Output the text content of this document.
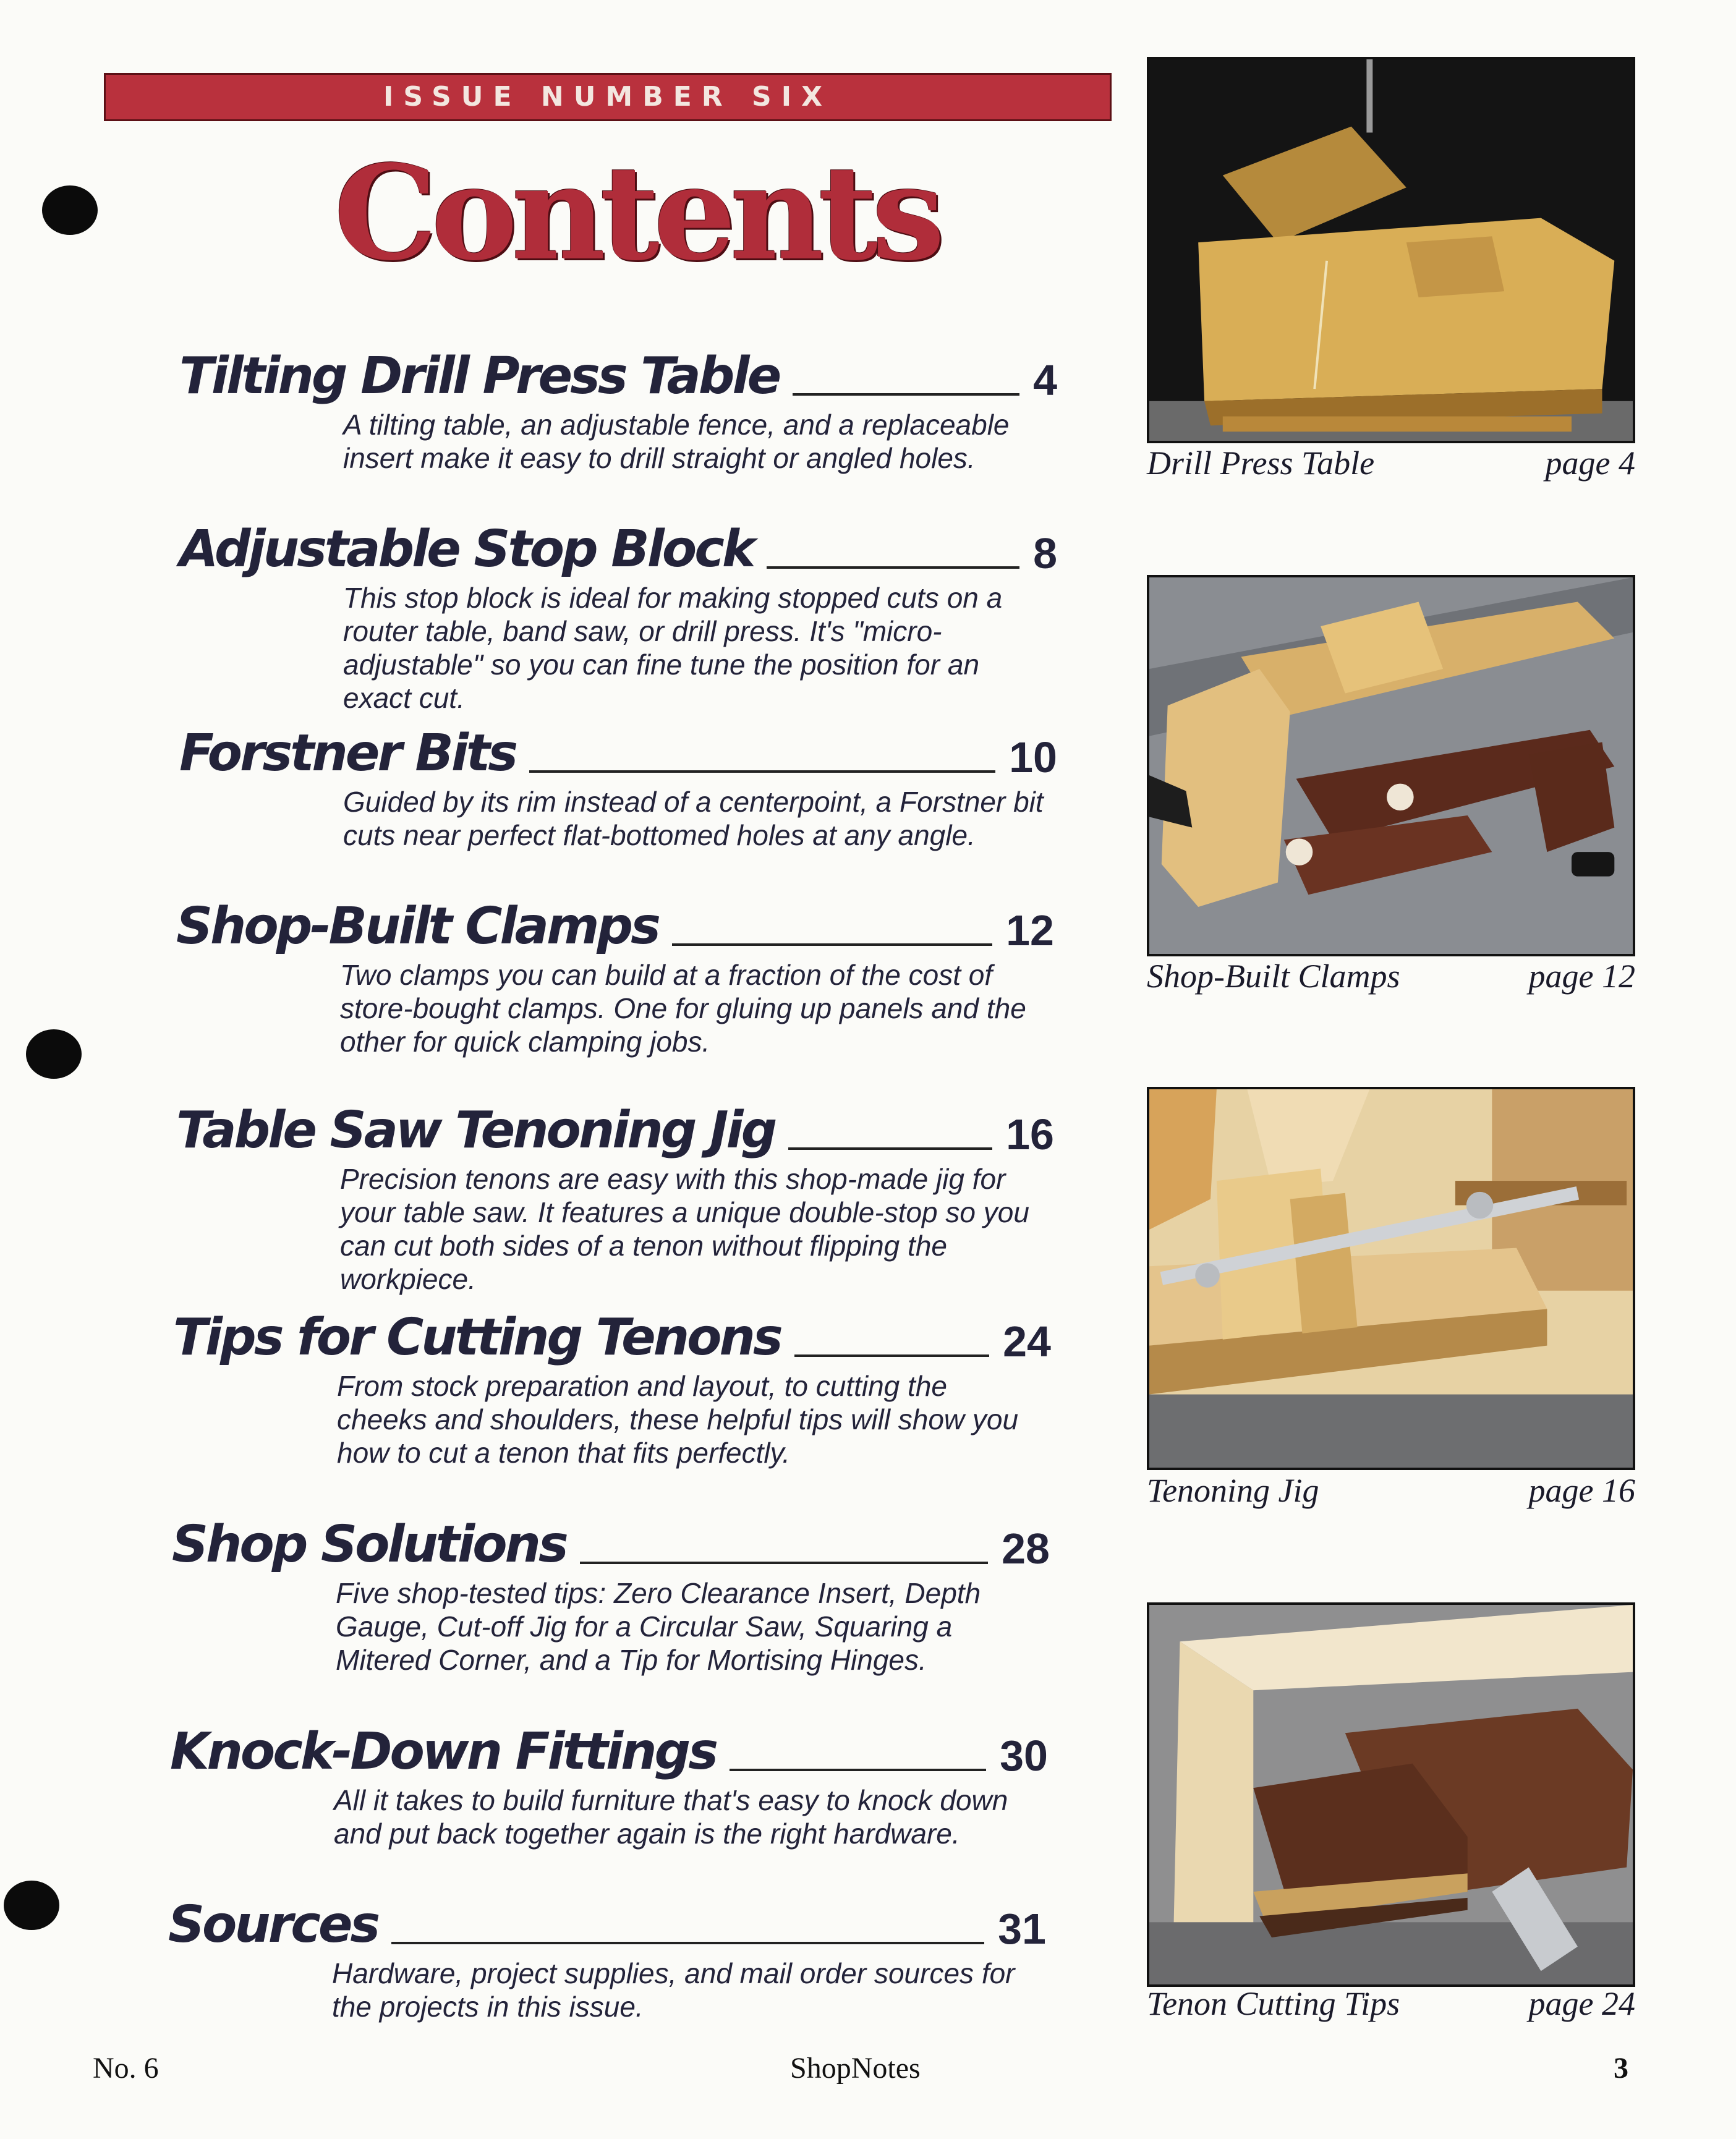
ISSUE NUMBER SIX
Contents
Tilting Drill Press Table	4
A tilting table, an adjustable fence, and a replaceable insert make it easy to drill straight or angled holes.
Adjustable Stop Block	8
This stop block is ideal for making stopped cuts on a router table, band saw, or drill press. It's "micro-adjustable" so you can fine tune the position for an exact cut.
Forstner Bits	10
Guided by its rim instead of a centerpoint, a Forstner bit cuts near perfect flat-bottomed holes at any angle.
Shop-Built Clamps	12
Two clamps you can build at a fraction of the cost of store-bought clamps. One for gluing up panels and the other for quick clamping jobs.
Table Saw Tenoning Jig	16
Precision tenons are easy with this shop-made jig for your table saw. It features a unique double-stop so you can cut both sides of a tenon without flipping the workpiece.
Tips for Cutting Tenons	24
From stock preparation and layout, to cutting the cheeks and shoulders, these helpful tips will show you how to cut a tenon that fits perfectly.
Shop Solutions	28
Five shop-tested tips: Zero Clearance Insert, Depth Gauge, Cut-off Jig for a Circular Saw, Squaring a Mitered Corner, and a Tip for Mortising Hinges.
Knock-Down Fittings	30
All it takes to build furniture that's easy to knock down and put back together again is the right hardware.
Sources	31
Hardware, project supplies, and mail order sources for the projects in this issue.
Drill Press Table	page 4
Shop-Built Clamps	page 12
Tenoning Jig	page 16
Tenon Cutting Tips	page 24
No. 6	ShopNotes	3
